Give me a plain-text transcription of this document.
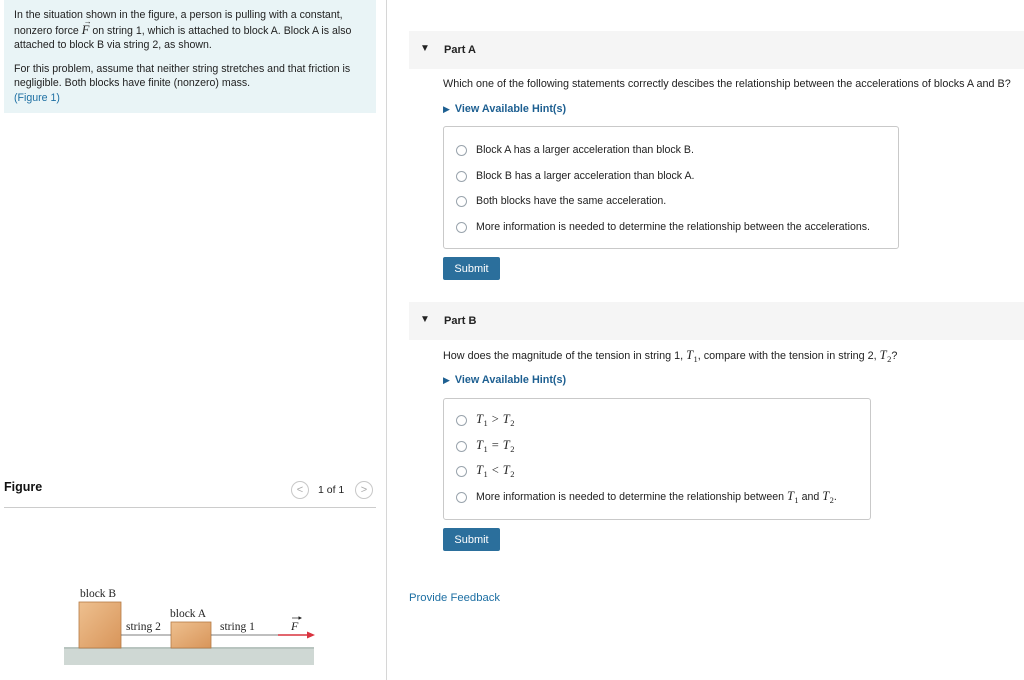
In the situation shown in the figure, a person is pulling with a constant, nonzero force → F on string 1, which is attached to block A. Block A is also attached to block B via string 2, as shown.

For this problem, assume that neither string stretches and that friction is negligible. Both blocks have finite (nonzero) mass.
(Figure 1)

Figure	<	1 of 1	>
block B
block A
string 2	string 1	F
▼ Part A
Which one of the following statements correctly descibes the relationship between the accelerations of blocks A and B?
▶ View Available Hint(s)
Block A has a larger acceleration than block B.
Block B has a larger acceleration than block A.
Both blocks have the same acceleration.
More information is needed to determine the relationship between the accelerations.
Submit
▼ Part B
How does the magnitude of the tension in string 1, $T_1$, compare with the tension in string 2, $T_2$?
▶ View Available Hint(s)
$T_1 > T_2$
$T_1 = T_2$
$T_1 < T_2$
More information is needed to determine the relationship between $T_1$ and $T_2$.
Submit
Provide Feedback
